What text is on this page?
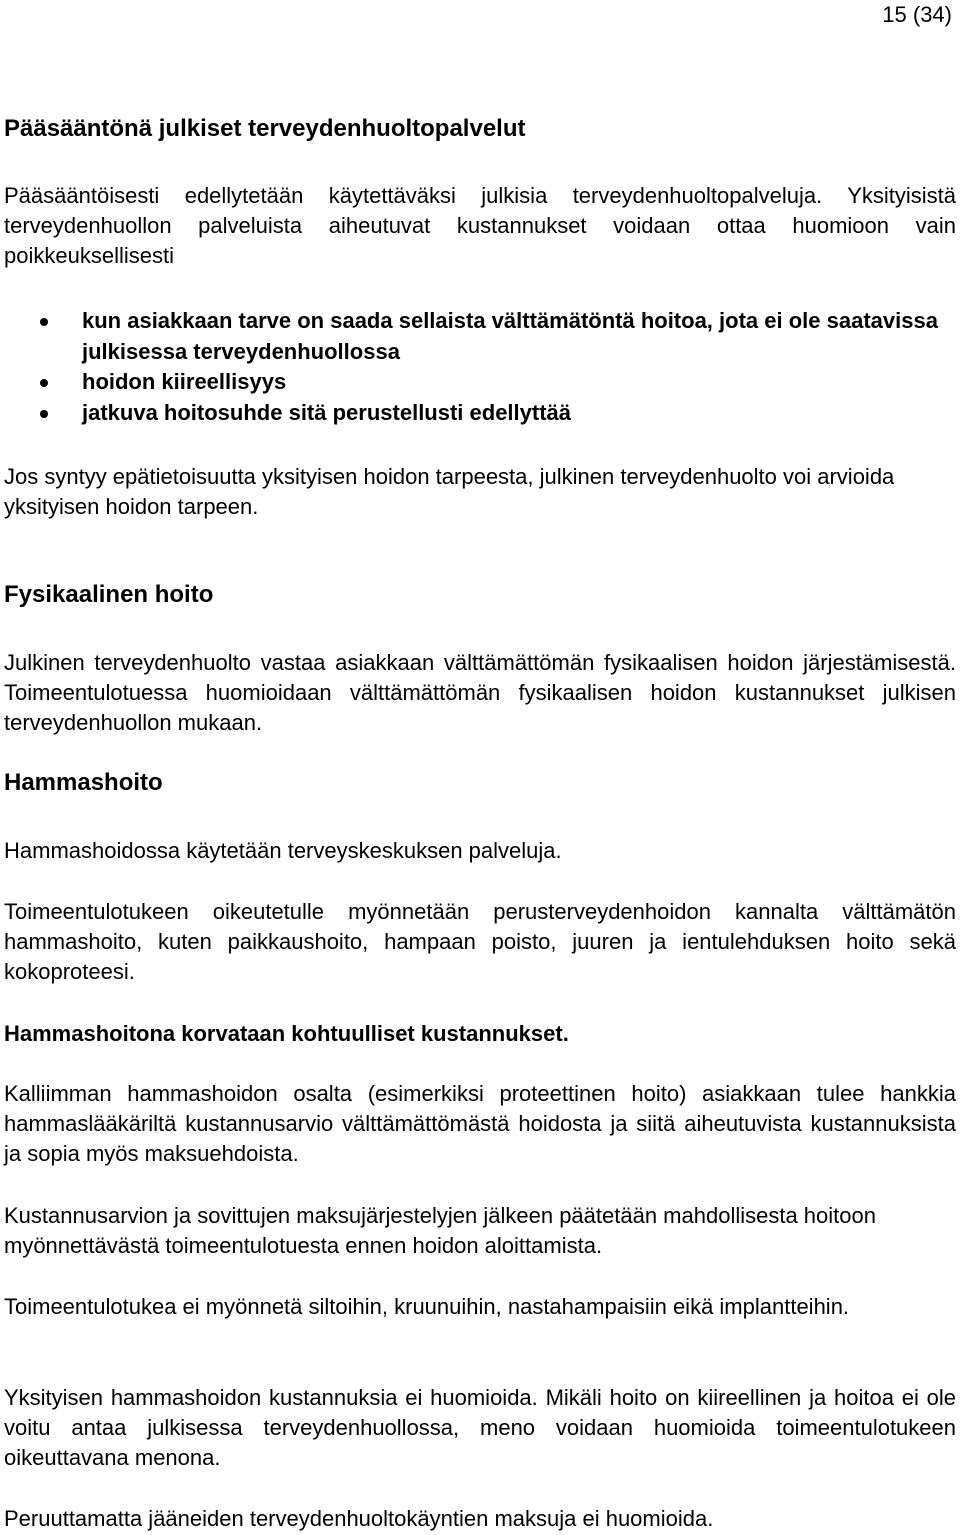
15 (34)

Pääsääntönä julkiset terveydenhuoltopalvelut

Pääsääntöisesti edellytetään käytettäväksi julkisia terveydenhuoltopalveluja. Yksityisistä terveydenhuollon palveluista aiheutuvat kustannukset voidaan ottaa huomioon vain poikkeuksellisesti

kun asiakkaan tarve on saada sellaista välttämätöntä hoitoa, jota ei ole saatavissa julkisessa terveydenhuollossa
hoidon kiireellisyys
jatkuva hoitosuhde sitä perustellusti edellyttää

Jos syntyy epätietoisuutta yksityisen hoidon tarpeesta, julkinen terveydenhuolto voi arvioida yksityisen hoidon tarpeen.

Fysikaalinen hoito

Julkinen terveydenhuolto vastaa asiakkaan välttämättömän fysikaalisen hoidon järjestämisestä. Toimeentulotuessa huomioidaan välttämättömän fysikaalisen hoidon kustannukset julkisen terveydenhuollon mukaan.

Hammashoito

Hammashoidossa käytetään terveyskeskuksen palveluja.

Toimeentulotukeen oikeutetulle myönnetään perusterveydenhoidon kannalta välttämätön hammashoito, kuten paikkaushoito, hampaan poisto, juuren ja ientulehduksen hoito sekä kokoproteesi.

Hammashoitona korvataan kohtuulliset kustannukset.

Kalliimman hammashoidon osalta (esimerkiksi proteettinen hoito) asiakkaan tulee hankkia hammaslääkäriltä kustannusarvio välttämättömästä hoidosta ja siitä aiheutuvista kustannuksista ja sopia myös maksuehdoista.

Kustannusarvion ja sovittujen maksujärjestelyjen jälkeen päätetään mahdollisesta hoitoon myönnettävästä toimeentulotuesta ennen hoidon aloittamista.

Toimeentulotukea ei myönnetä siltoihin, kruunuihin, nastahampaisiin eikä implantteihin.

Yksityisen hammashoidon kustannuksia ei huomioida. Mikäli hoito on kiireellinen ja hoitoa ei ole voitu antaa julkisessa terveydenhuollossa, meno voidaan huomioida toimeentulotukeen oikeuttavana menona.

Peruuttamatta jääneiden terveydenhuoltokäyntien maksuja ei huomioida.
